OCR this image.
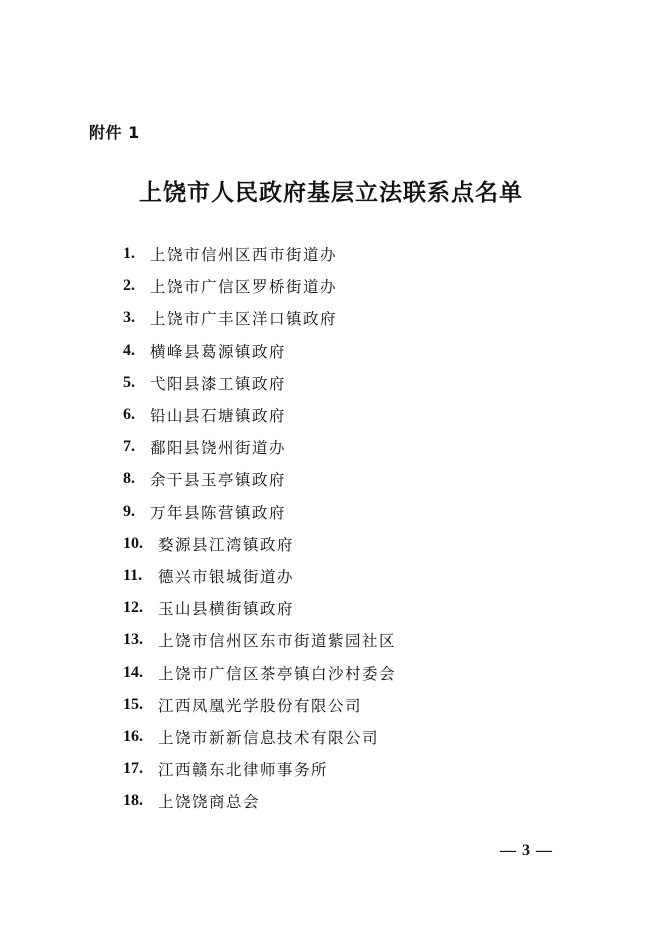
附件 1
上饶市人民政府基层立法联系点名单
1. 上饶市信州区西市街道办
2. 上饶市广信区罗桥街道办
3. 上饶市广丰区洋口镇政府
4. 横峰县葛源镇政府
5. 弋阳县漆工镇政府
6. 铅山县石塘镇政府
7. 鄱阳县饶州街道办
8. 余干县玉亭镇政府
9. 万年县陈营镇政府
10. 婺源县江湾镇政府
11.	德兴市银城街道办
12. 玉山县横街镇政府
13. 上饶市信州区东市街道紫园社区
14. 上饶市广信区茶亭镇白沙村委会
15. 江西凤凰光学股份有限公司
16. 上饶市新新信息技术有限公司
17. 江西赣东北律师事务所
18. 上饶饶商总会
— 3 —
